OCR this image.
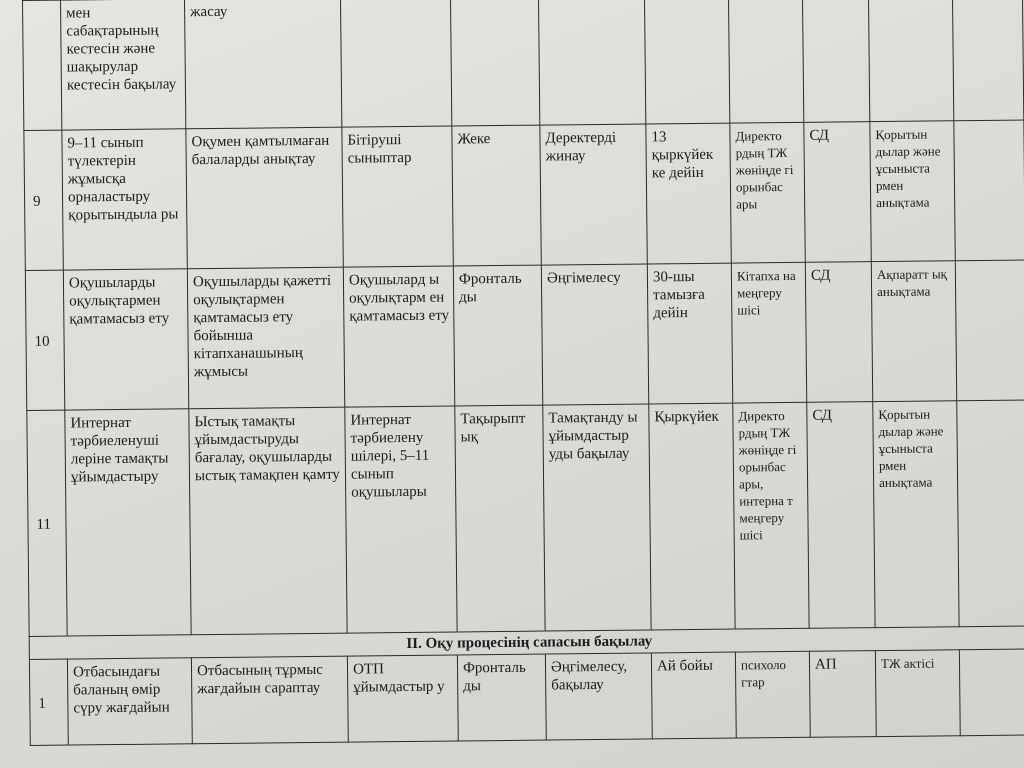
	мен сабақтарының кестесін және шақырулар кестесін бақылау	жасау								
9	9–11 сынып түлектерін жұмысқа орналастыру қорытындыла ры	Оқумен қамтылмаған балаларды анықтау	Бітіруші сыныптар	Жеке	Деректерді жинау	13 қыркүйек ке дейін	Директо рдың ТЖ жөніңде гі орынбас ары	СД	Қорытын дылар және ұсыныста рмен анықтама	
10	Оқушыларды оқулықтармен қамтамасыз ету	Оқушыларды қажетті оқулықтармен қамтамасыз ету бойынша кітапханашының жұмысы	Оқушылард ы оқулықтарм ен қамтамасыз ету	Фронталь ды	Әңгімелесу	30-шы тамызға дейін	Кітапха на меңгеру шісі	СД	Ақпаратт ық анықтама	
11	Интернат тәрбиеленуші леріне тамақты ұйымдастыру	Ыстық тамақты ұйымдастыруды бағалау, оқушыларды ыстық тамақпен қамту	Интернат тәрбиелену шілері, 5–11 сынып оқушылары	Тақырыпт ық	Тамақтанду ы ұйымдастыр уды бақылау	Қыркүйек	Директо рдың ТЖ жөніңде гі орынбас ары, интерна т меңгеру шісі	СД	Қорытын дылар және ұсыныста рмен анықтама	
ІІ. Оқу процесінің сапасын бақылау										
1	Отбасындағы баланың өмір сүру жағдайын	Отбасының тұрмыс жағдайын сараптау	ОТП ұйымдастыр у	Фронталь ды	Әңгімелесу, бақылау	Ай бойы	психоло гтар	АП	ТЖ актісі	
